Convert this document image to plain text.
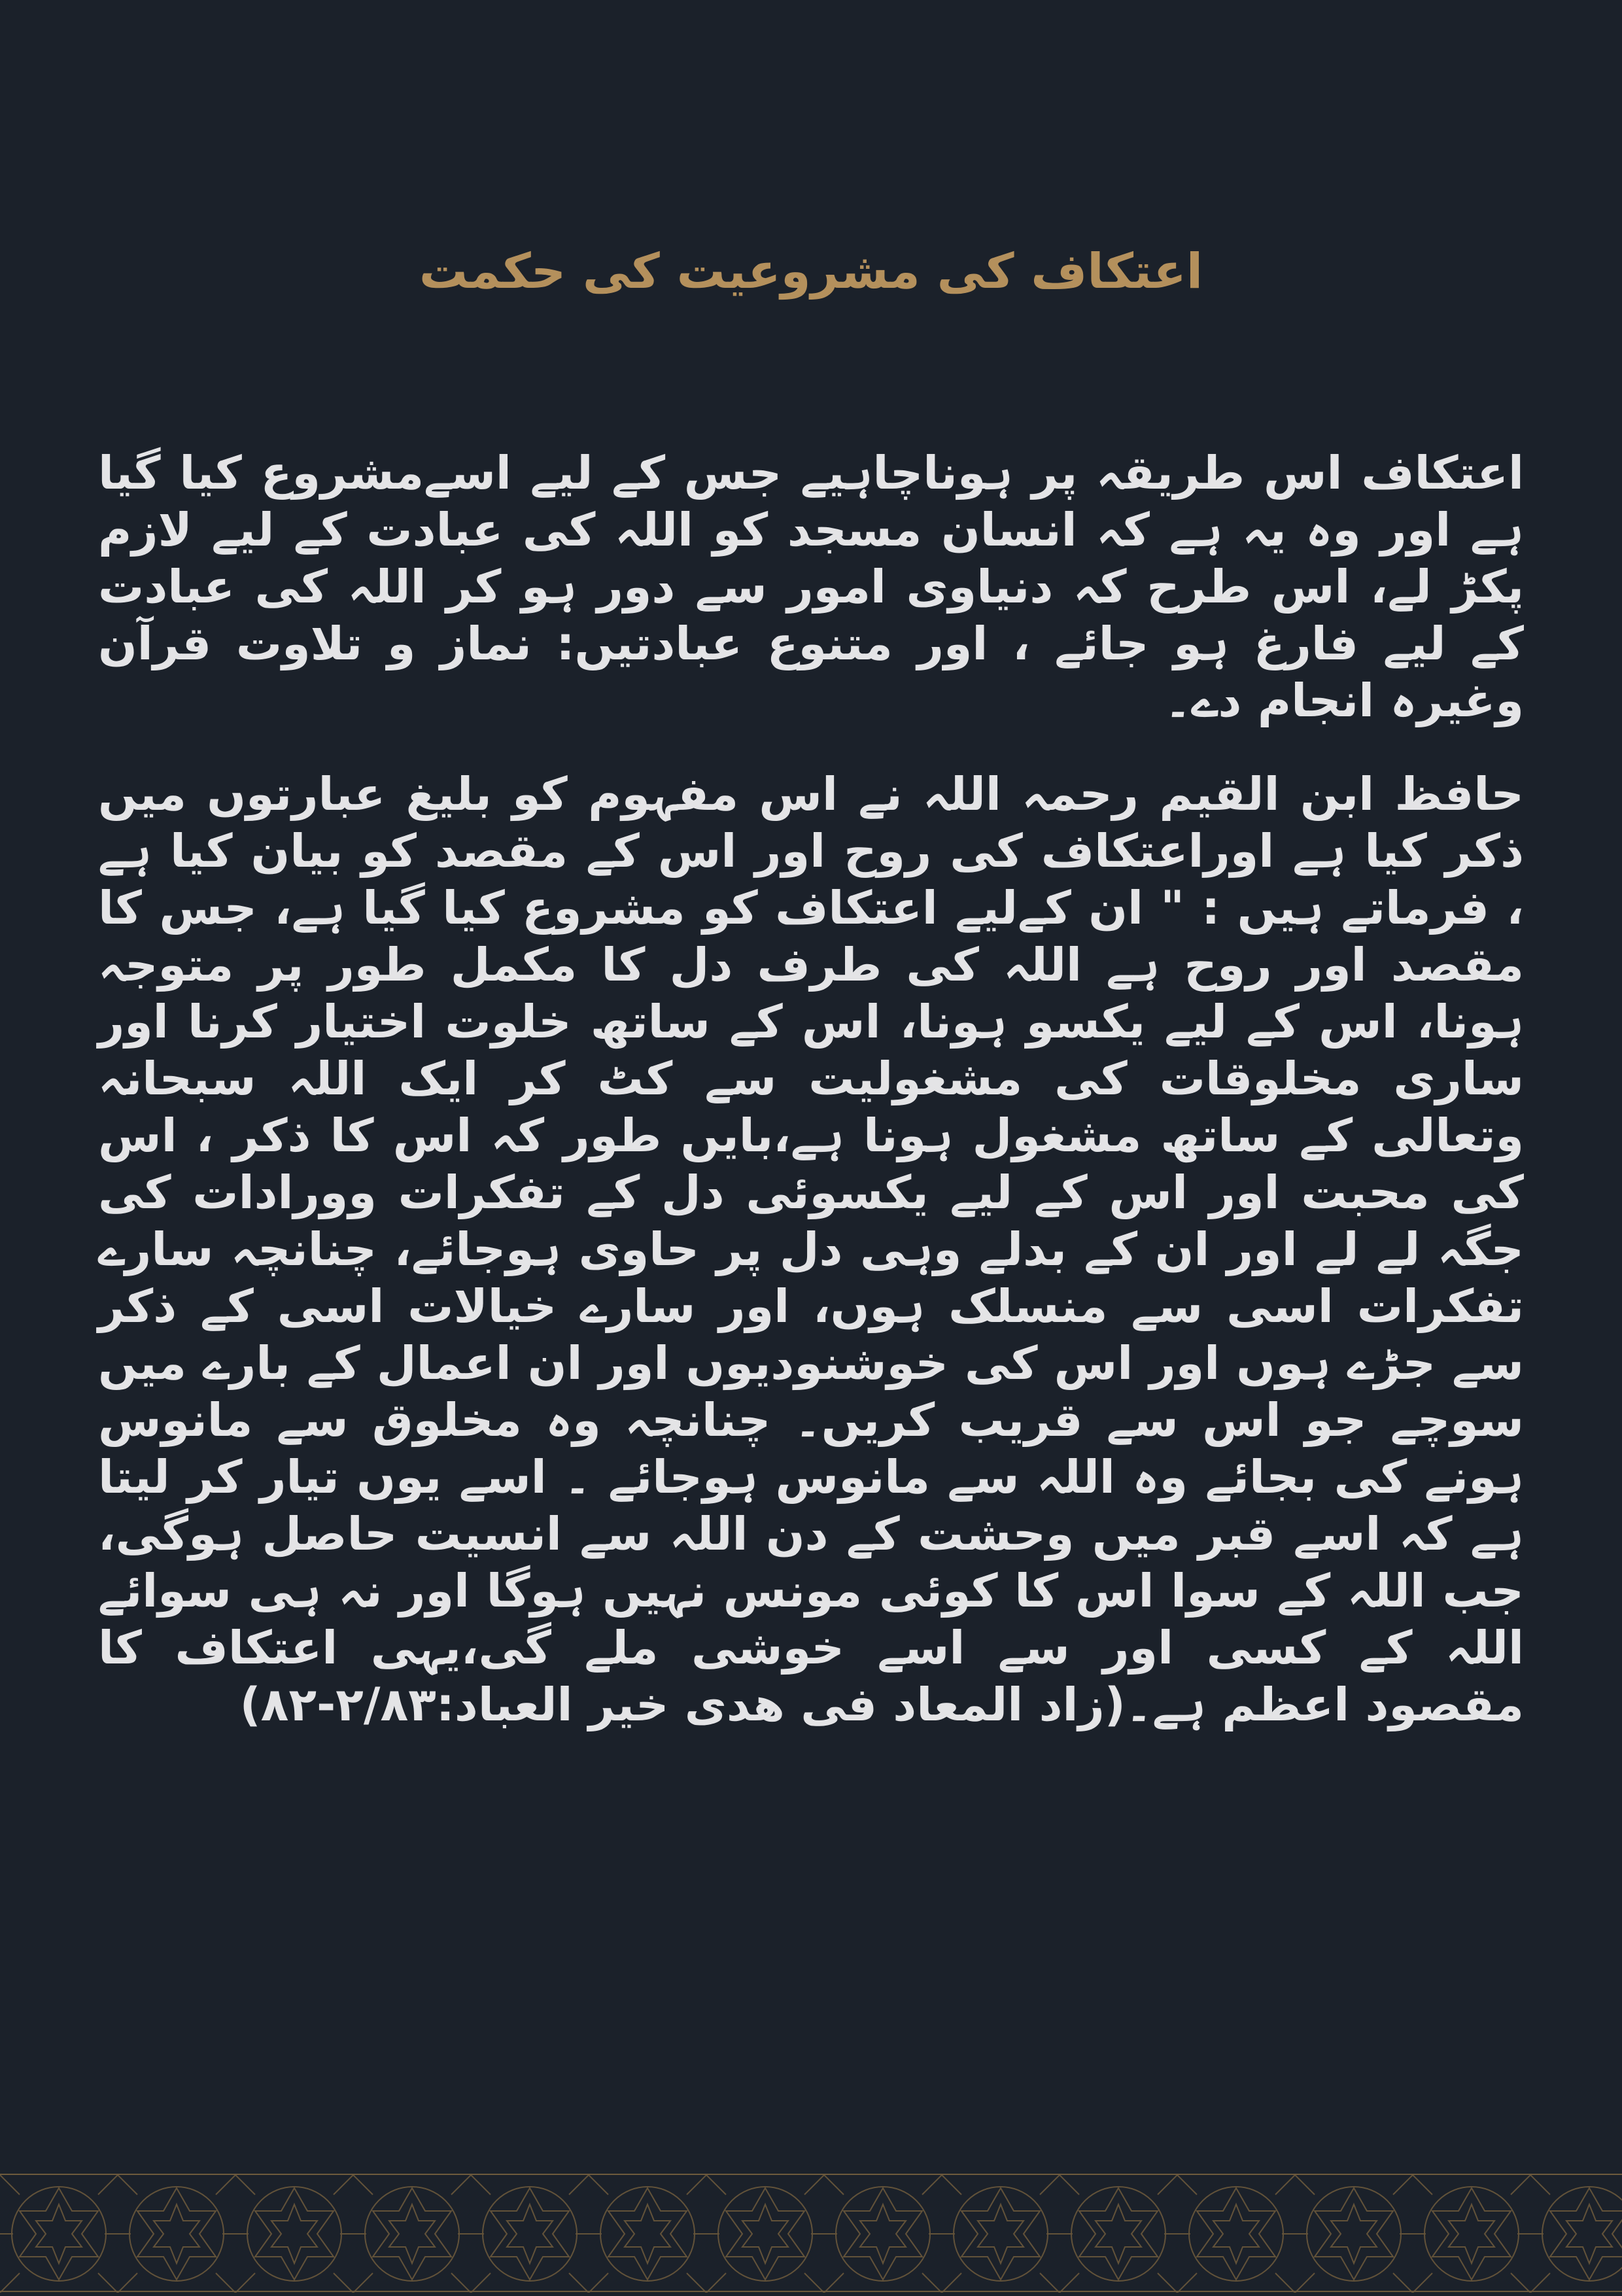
اعتکاف کی مشروعیت کی حکمت

اعتکاف اس طریقہ پر ہوناچاہیے جس کے لیے اسےمشروع کیا گیا ہے اور وہ یہ ہے کہ انسان مسجد کو اللہ کی عبادت کے لیے لازم پکڑ لے، اس طرح کہ دنیاوی امور سے دور ہو کر اللہ کی عبادت کے لیے فارغ ہو جائے ، اور متنوع عبادتیں: نماز و تلاوت قرآن وغیرہ انجام دے۔

حافظ ابن القیم رحمہ اللہ نے اس مفہوم کو بلیغ عبارتوں میں ذکر کیا ہے اوراعتکاف کی روح اور اس کے مقصد کو بیان کیا ہے ، فرماتے ہیں : " ان کےلیے اعتکاف کو مشروع کیا گیا ہے، جس کا مقصد اور روح ہے اللہ کی طرف دل کا مکمل طور پر متوجہ ہونا، اس کے لیے یکسو ہونا، اس کے ساتھ خلوت اختیار کرنا اور ساری مخلوقات کی مشغولیت سے کٹ کر ایک اللہ سبحانہ وتعالی کے ساتھ مشغول ہونا ہے،بایں طور کہ اس کا ذکر ، اس کی محبت اور اس کے لیے یکسوئی دل کے تفکرات وورادات کی جگہ لے لے اور ان کے بدلے وہی دل پر حاوی ہوجائے، چنانچہ سارے تفکرات اسی سے منسلک ہوں، اور سارے خیالات اسی کے ذکر سے جڑے ہوں اور اس کی خوشنودیوں اور ان اعمال کے بارے میں سوچے جو اس سے قریب کریں۔ چنانچہ وہ مخلوق سے مانوس ہونے کی بجائے وہ اللہ سے مانوس ہوجائے ۔ اسے یوں تیار کر لیتا ہے کہ اسے قبر میں وحشت کے دن اللہ سے انسیت حاصل ہوگی، جب اللہ کے سوا اس کا کوئی مونس نہیں ہوگا اور نہ ہی سوائے اللہ کے کسی اور سے اسے خوشی ملے گی،یہی اعتکاف کا مقصود اعظم ہے۔(زاد المعاد فی هدى خير العباد:۲/۸۳-۸۲)
